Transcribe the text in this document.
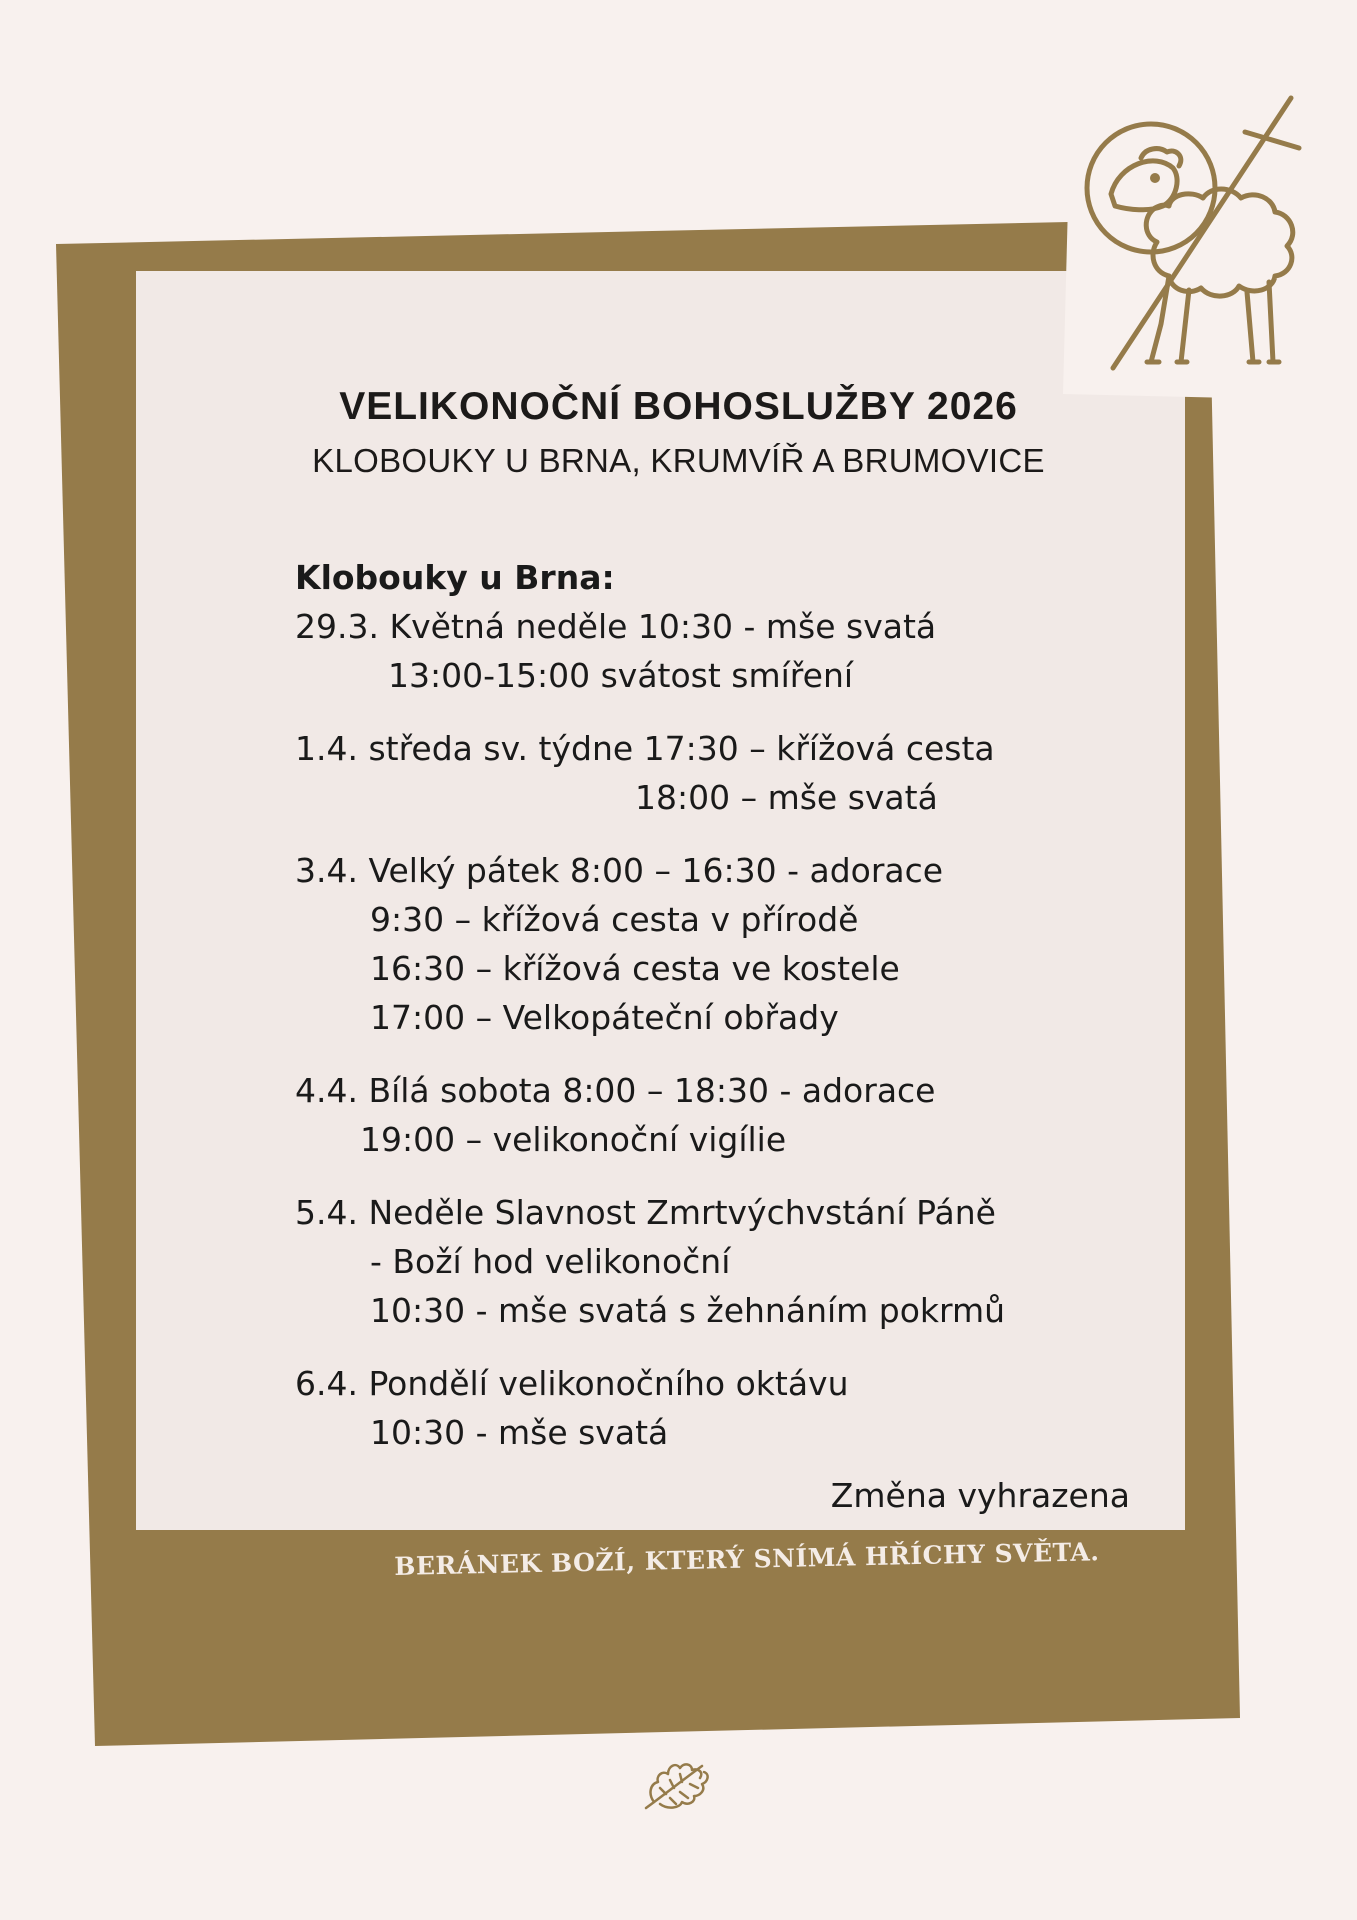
VELIKONOČNÍ BOHOSLUŽBY 2026
KLOBOUKY U BRNA, KRUMVÍŘ A BRUMOVICE
Klobouky u Brna:
29.3. Květná neděle 10:30 - mše svatá
13:00-15:00 svátost smíření
1.4. středa sv. týdne 17:30 – křížová cesta
18:00 – mše svatá
3.4. Velký pátek 8:00 – 16:30 - adorace
9:30 – křížová cesta v přírodě
16:30 – křížová cesta ve kostele
17:00 – Velkopáteční obřady
4.4. Bílá sobota 8:00 – 18:30 - adorace
19:00 – velikonoční vigílie
5.4. Neděle Slavnost Zmrtvýchvstání Páně
- Boží hod velikonoční
10:30 - mše svatá s žehnáním pokrmů
6.4. Pondělí velikonočního oktávu
10:30 - mše svatá
Změna vyhrazena
BERÁNEK BOŽÍ, KTERÝ SNÍMÁ HŘÍCHY SVĚTA.
